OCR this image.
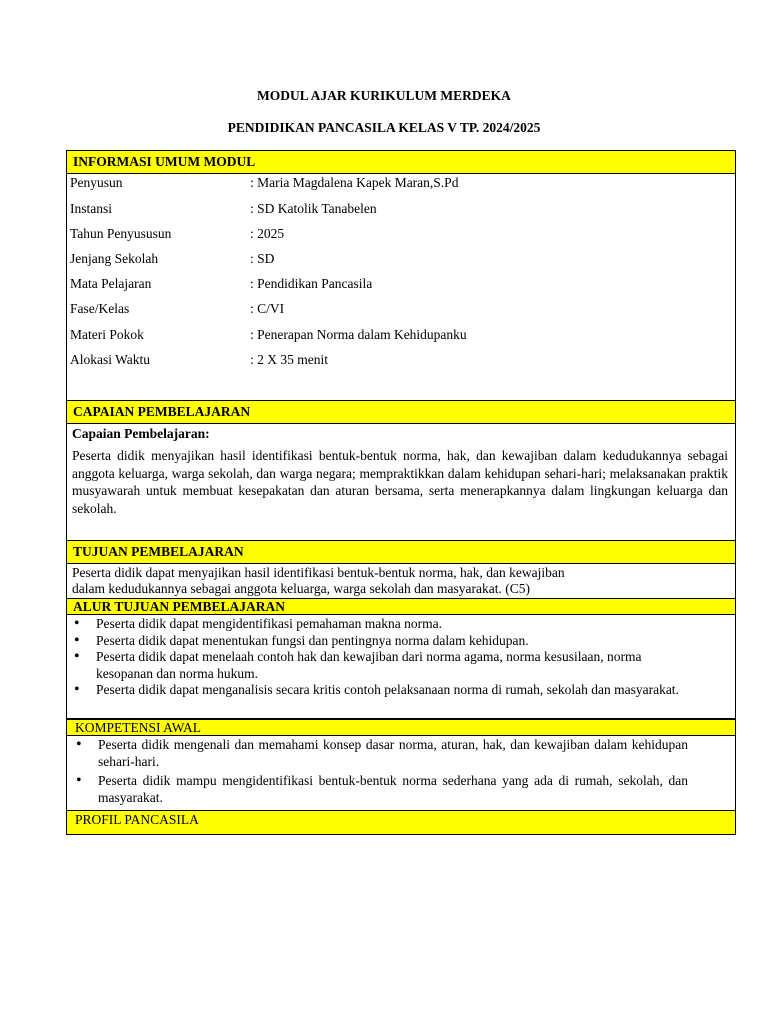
MODUL AJAR KURIKULUM MERDEKA
PENDIDIKAN PANCASILA KELAS V TP. 2024/2025
INFORMASI UMUM MODUL
Penyusun	: Maria Magdalena Kapek Maran,S.Pd
Instansi	: SD Katolik Tanabelen
Tahun Penyususun	: 2025
Jenjang Sekolah	: SD
Mata Pelajaran	: Pendidikan Pancasila
Fase/Kelas	: C/VI
Materi Pokok	: Penerapan Norma dalam Kehidupanku
Alokasi Waktu	: 2 X 35 menit
CAPAIAN PEMBELAJARAN
Capaian Pembelajaran:
Peserta didik menyajikan hasil identifikasi bentuk-bentuk norma, hak, dan kewajiban dalam kedudukannya sebagai anggota keluarga, warga sekolah, dan warga negara; mempraktikkan dalam kehidupan sehari-hari; melaksanakan praktik musyawarah untuk membuat kesepakatan dan aturan bersama, serta menerapkannya dalam lingkungan keluarga dan sekolah.
TUJUAN PEMBELAJARAN
Peserta didik dapat menyajikan hasil identifikasi bentuk-bentuk norma, hak, dan kewajiban
dalam kedudukannya sebagai anggota keluarga, warga sekolah dan masyarakat. (C5)
ALUR TUJUAN PEMBELAJARAN
• Peserta didik dapat mengidentifikasi pemahaman makna norma.
• Peserta didik dapat menentukan fungsi dan pentingnya norma dalam kehidupan.
• Peserta didik dapat menelaah contoh hak dan kewajiban dari norma agama, norma kesusilaan, norma kesopanan dan norma hukum.
• Peserta didik dapat menganalisis secara kritis contoh pelaksanaan norma di rumah, sekolah dan masyarakat.
KOMPETENSI AWAL
• Peserta didik mengenali dan memahami konsep dasar norma, aturan, hak, dan kewajiban dalam kehidupan sehari-hari.
• Peserta didik mampu mengidentifikasi bentuk-bentuk norma sederhana yang ada di rumah, sekolah, dan masyarakat.
PROFIL PANCASILA
